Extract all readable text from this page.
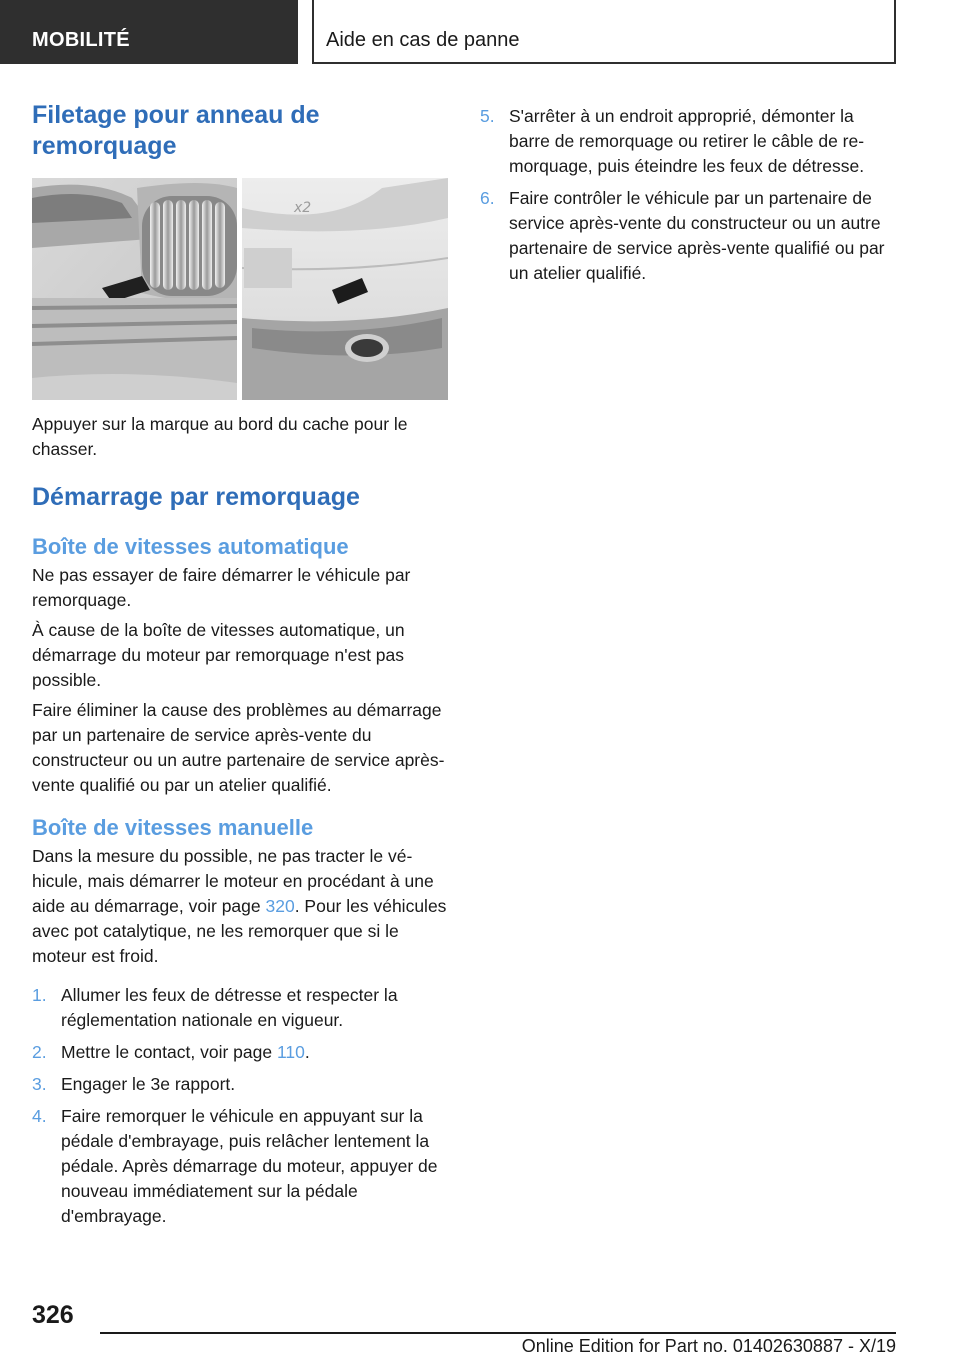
MOBILITÉ	Aide en cas de panne
Filetage pour anneau de remorquage
x2

Appuyer sur la marque au bord du cache pour le chasser.

Démarrage par remorquage
Boîte de vitesses automatique

Ne pas essayer de faire démarrer le véhicule par remorquage.

À cause de la boîte de vitesses automatique, un démarrage du moteur par remorquage n'est pas possible.

Faire éliminer la cause des problèmes au démarrage par un partenaire de service après-vente du constructeur ou un autre partenaire de service après-vente qualifié ou par un atelier qualifié.

Boîte de vitesses manuelle

Dans la mesure du possible, ne pas tracter le véhicule, mais démarrer le moteur en procédant à une aide au démarrage, voir page 320. Pour les véhicules avec pot catalytique, ne les remorquer que si le moteur est froid.

1. Allumer les feux de détresse et respecter la réglementation nationale en vigueur.
2. Mettre le contact, voir page 110.
3. Engager le 3e rapport.
4. Faire remorquer le véhicule en appuyant sur la pédale d'embrayage, puis relâcher lentement la pédale. Après démarrage du moteur, appuyer de nouveau immédiatement sur la pédale d'embrayage.
5. S'arrêter à un endroit approprié, démonter la barre de remorquage ou retirer le câble de remorquage, puis éteindre les feux de détresse.
6. Faire contrôler le véhicule par un partenaire de service après-vente du constructeur ou un autre partenaire de service après-vente qualifié ou par un atelier qualifié.
326
Online Edition for Part no. 01402630887 - X/19
